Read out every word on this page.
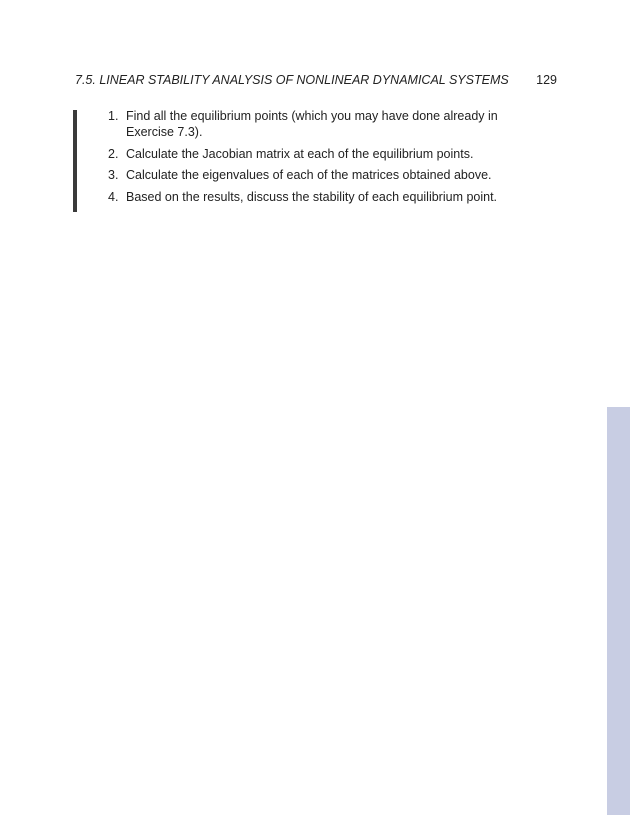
7.5. LINEAR STABILITY ANALYSIS OF NONLINEAR DYNAMICAL SYSTEMS 129
1. Find all the equilibrium points (which you may have done already in Exercise 7.3).
2. Calculate the Jacobian matrix at each of the equilibrium points.
3. Calculate the eigenvalues of each of the matrices obtained above.
4. Based on the results, discuss the stability of each equilibrium point.
